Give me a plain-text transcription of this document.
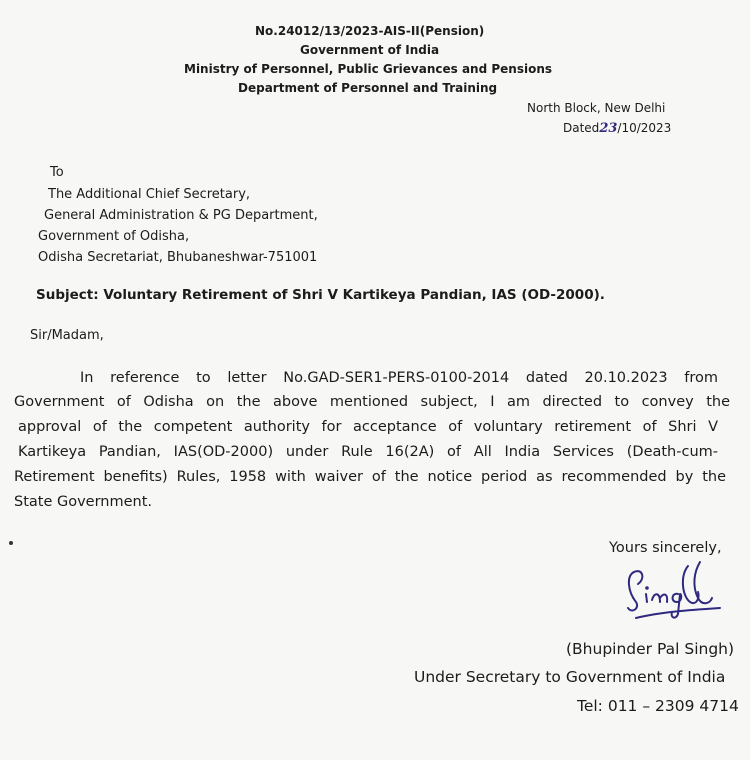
No.24012/13/2023-AIS-II(Pension)
Government of India
Ministry of Personnel, Public Grievances and Pensions
Department of Personnel and Training
North Block, New Delhi
Dated23/10/2023
To
The Additional Chief Secretary,
General Administration & PG Department,
Government of Odisha,
Odisha Secretariat, Bhubaneshwar-751001
Subject: Voluntary Retirement of Shri V Kartikeya Pandian, IAS (OD-2000).
Sir/Madam,
In reference to letter No.GAD-SER1-PERS-0100-2014 dated 20.10.2023 from
Government of Odisha on the above mentioned subject, I am directed to convey the
approval of the competent authority for acceptance of voluntary retirement of Shri V
Kartikeya Pandian, IAS(OD-2000) under Rule 16(2A) of All India Services (Death-cum-
Retirement benefits) Rules, 1958 with waiver of the notice period as recommended by the
State Government.
Yours sincerely,
(Bhupinder Pal Singh)
Under Secretary to Government of India
Tel: 011 – 2309 4714
